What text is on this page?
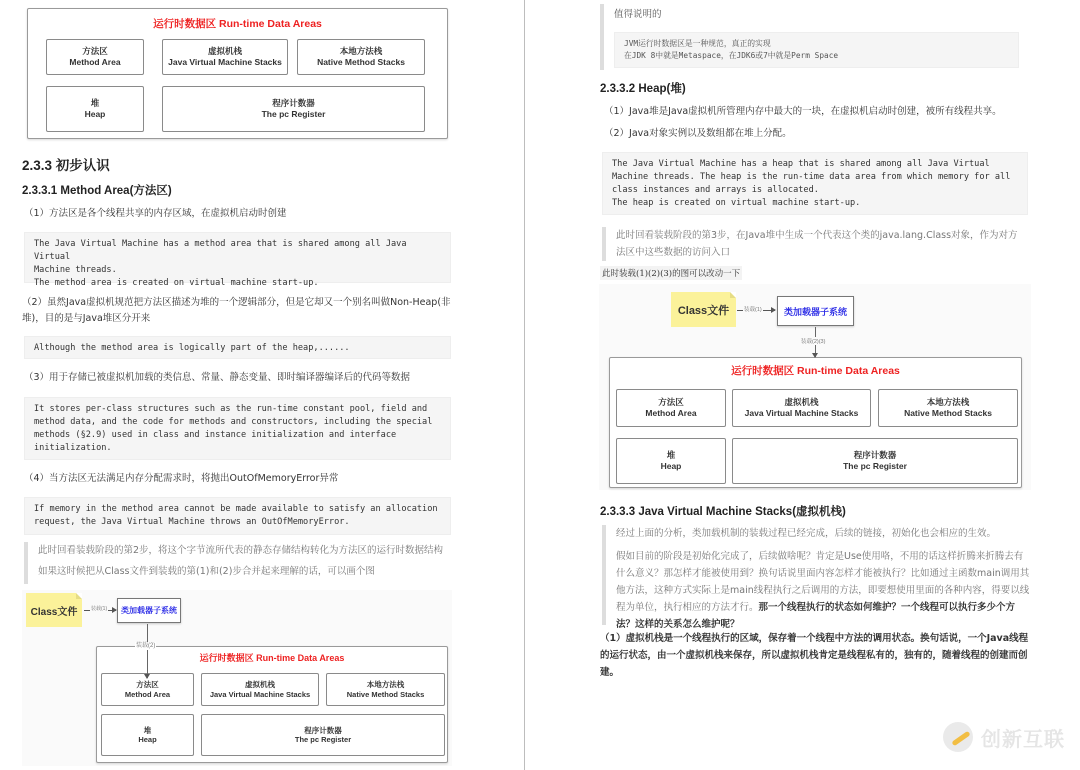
运行时数据区 Run-time Data Areas
方法区
Method Area
虚拟机栈
Java Virtual Machine Stacks
本地方法栈
Native Method Stacks
堆
Heap
程序计数器
The pc Register
2.3.3 初步认识
2.3.3.1 Method Area(方法区)
（1）方法区是各个线程共享的内存区域，在虚拟机启动时创建
The Java Virtual Machine has a method area that is shared among all Java Virtual
Machine threads.
The method area is created on virtual machine start-up.
（2）虽然Java虚拟机规范把方法区描述为堆的一个逻辑部分，但是它却又一个别名叫做Non-Heap(非堆)，目的是与Java堆区分开来
Although the method area is logically part of the heap,......
（3）用于存储已被虚拟机加载的类信息、常量、静态变量、即时编译器编译后的代码等数据
It stores per-class structures such as the run-time constant pool, field and
method data, and the code for methods and constructors, including the special
methods (§2.9) used in class and instance initialization and interface
initialization.
（4）当方法区无法满足内存分配需求时，将抛出OutOfMemoryError异常
If memory in the method area cannot be made available to satisfy an allocation
request, the Java Virtual Machine throws an OutOfMemoryError.
此时回看装载阶段的第2步，将这个字节流所代表的静态存储结构转化为方法区的运行时数据结构
如果这时候把从Class文件到装载的第(1)和(2)步合并起来理解的话，可以画个图
Class文件	装载(1)	类加载器子系统
运行时数据区 Run-time Data Areas
方法区
Method Area
虚拟机栈
Java Virtual Machine Stacks
本地方法栈
Native Method Stacks
堆
Heap
程序计数器
The pc Register
装载(2)
值得说明的
JVM运行时数据区是一种规范，真正的实现
在JDK 8中就是Metaspace，在JDK6或7中就是Perm Space
2.3.3.2 Heap(堆)
（1）Java堆是Java虚拟机所管理内存中最大的一块，在虚拟机启动时创建，被所有线程共享。
（2）Java对象实例以及数组都在堆上分配。
The Java Virtual Machine has a heap that is shared among all Java Virtual
Machine threads. The heap is the run-time data area from which memory for all
class instances and arrays is allocated.
The heap is created on virtual machine start-up.
此时回看装载阶段的第3步，在Java堆中生成一个代表这个类的java.lang.Class对象，作为对方法区中这些数据的访问入口
此时装载(1)(2)(3)的图可以改动一下
Class文件	装载(1)	类加载器子系统
装载(2)(3)
运行时数据区 Run-time Data Areas
方法区
Method Area
虚拟机栈
Java Virtual Machine Stacks
本地方法栈
Native Method Stacks
堆
Heap
程序计数器
The pc Register
2.3.3.3 Java Virtual Machine Stacks(虚拟机栈)
经过上面的分析，类加载机制的装载过程已经完成，后续的链接，初始化也会相应的生效。
假如目前的阶段是初始化完成了，后续做啥呢？肯定是Use使用咯，不用的话这样折腾来折腾去有什么意义？那怎样才能被使用到？换句话说里面内容怎样才能被执行？比如通过主函数main调用其他方法，这种方式实际上是main线程执行之后调用的方法，即要想使用里面的各种内容，得要以线程为单位，执行相应的方法才行。那一个线程执行的状态如何维护？一个线程可以执行多少个方法？这样的关系怎么维护呢？
（1）虚拟机栈是一个线程执行的区域，保存着一个线程中方法的调用状态。换句话说，一个Java线程的运行状态，由一个虚拟机栈来保存，所以虚拟机栈肯定是线程私有的，独有的，随着线程的创建而创建。
创新互联
